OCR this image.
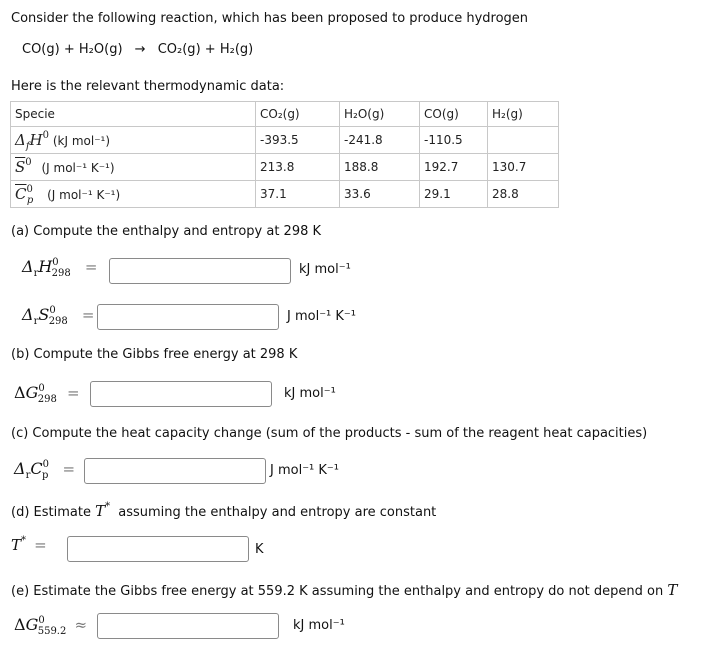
Consider the following reaction, which has been proposed to produce hydrogen
CO(g) + H₂O(g) → CO₂(g) + H₂(g)
Here is the relevant thermodynamic data:
Specie	CO₂(g)	H₂O(g)	CO(g)	H₂(g)
$\Delta_fH^0$ (kJ mol⁻¹)	-393.5	-241.8	-110.5	
$\overline{S}^0$ (J mol⁻¹ K⁻¹)	213.8	188.8	192.7	130.7
$\overline{C}^0_p$ (J mol⁻¹ K⁻¹)	37.1	33.6	29.1	28.8
(a) Compute the enthalpy and entropy at 298 K
$\Delta_rH^0_{298}$ =	kJ mol⁻¹
$\Delta_rS^0_{298}$ =	J mol⁻¹ K⁻¹
(b) Compute the Gibbs free energy at 298 K
$\Delta G^0_{298}$ =	kJ mol⁻¹
(c) Compute the heat capacity change (sum of the products - sum of the reagent heat capacities)
$\Delta_rC^0_p$ =	J mol⁻¹ K⁻¹
(d) Estimate T* assuming the enthalpy and entropy are constant
T* =	K
(e) Estimate the Gibbs free energy at 559.2 K assuming the enthalpy and entropy do not depend on T
$\Delta G^0_{559.2}$ ≈	kJ mol⁻¹
